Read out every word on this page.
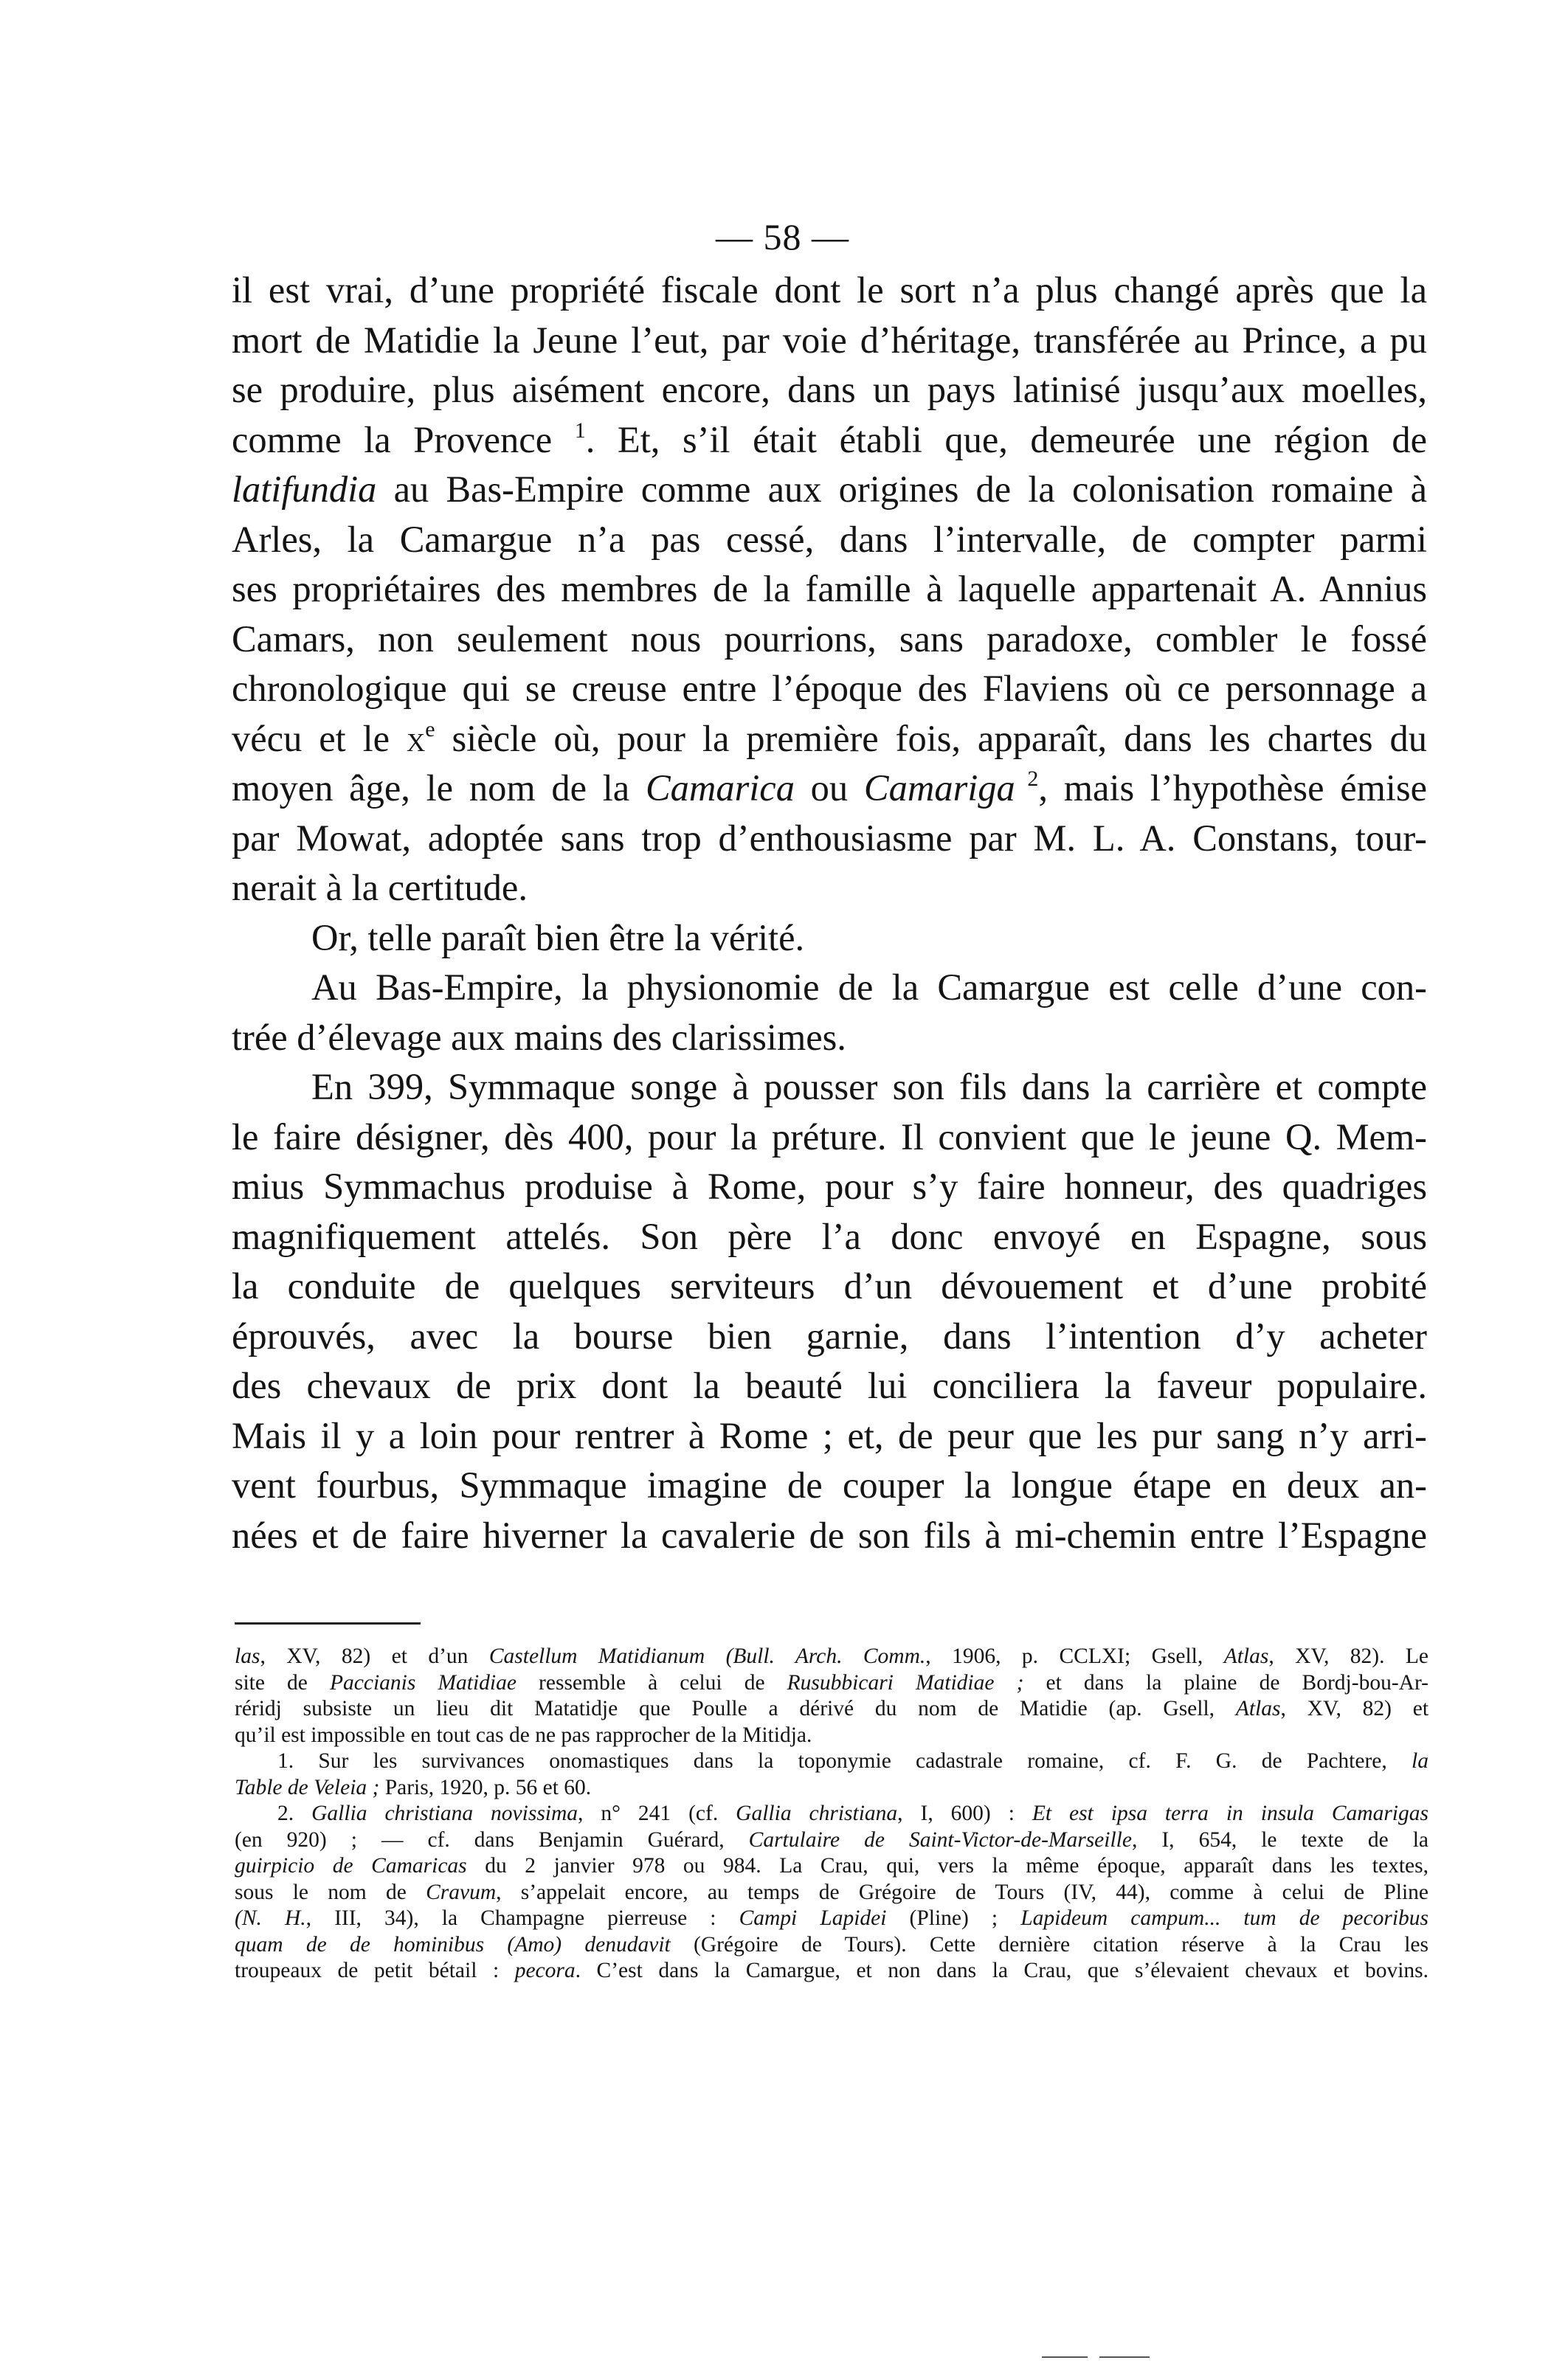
— 58 —
il est vrai, d’une propriété fiscale dont le sort n’a plus changé après que la
mort de Matidie la Jeune l’eut, par voie d’héritage, transférée au Prince, a pu
se produire, plus aisément encore, dans un pays latinisé jusqu’aux moelles,
comme la Provence $^1$. Et, s’il était établi que, demeurée une région de
latifundia au Bas-Empire comme aux origines de la colonisation romaine à
Arles, la Camargue n’a pas cessé, dans l’intervalle, de compter parmi
ses propriétaires des membres de la famille à laquelle appartenait A. Annius
Camars, non seulement nous pourrions, sans paradoxe, combler le fossé
chronologique qui se creuse entre l’époque des Flaviens où ce personnage a
vécu et le $x^e$ siècle où, pour la première fois, apparaît, dans les chartes du
moyen âge, le nom de la Camarica ou Camariga $^2$, mais l’hypothèse émise
par Mowat, adoptée sans trop d’enthousiasme par M. L. A. Constans, tour-
nerait à la certitude.
Or, telle paraît bien être la vérité.
Au Bas-Empire, la physionomie de la Camargue est celle d’une con-
trée d’élevage aux mains des clarissimes.
En 399, Symmaque songe à pousser son fils dans la carrière et compte
le faire désigner, dès 400, pour la préture. Il convient que le jeune Q. Mem-
mius Symmachus produise à Rome, pour s’y faire honneur, des quadriges
magnifiquement attelés. Son père l’a donc envoyé en Espagne, sous
la conduite de quelques serviteurs d’un dévouement et d’une probité
éprouvés, avec la bourse bien garnie, dans l’intention d’y acheter
des chevaux de prix dont la beauté lui conciliera la faveur populaire.
Mais il y a loin pour rentrer à Rome ; et, de peur que les pur sang n’y arri-
vent fourbus, Symmaque imagine de couper la longue étape en deux an-
nées et de faire hiverner la cavalerie de son fils à mi-chemin entre l’Espagne
las, XV, 82) et d’un Castellum Matidianum (Bull. Arch. Comm., 1906, p. CCLXI; Gsell, Atlas, XV, 82). Le
site de Paccianis Matidiae ressemble à celui de Rusubbicari Matidiae ; et dans la plaine de Bordj-bou-Ar-
réridj subsiste un lieu dit Matatidje que Poulle a dérivé du nom de Matidie (ap. Gsell, Atlas, XV, 82) et
qu’il est impossible en tout cas de ne pas rapprocher de la Mitidja.
1. Sur les survivances onomastiques dans la toponymie cadastrale romaine, cf. F. G. de Pachtere, la
Table de Veleia ; Paris, 1920, p. 56 et 60.
2. Gallia christiana novissima, n° 241 (cf. Gallia christiana, I, 600) : Et est ipsa terra in insula Camarigas
(en 920) ; — cf. dans Benjamin Guérard, Cartulaire de Saint-Victor-de-Marseille, I, 654, le texte de la
guirpicio de Camaricas du 2 janvier 978 ou 984. La Crau, qui, vers la même époque, apparaît dans les textes,
sous le nom de Cravum, s’appelait encore, au temps de Grégoire de Tours (IV, 44), comme à celui de Pline
(N. H., III, 34), la Champagne pierreuse : Campi Lapidei (Pline) ; Lapideum campum... tum de pecoribus
quam de de hominibus (Amo) denudavit (Grégoire de Tours). Cette dernière citation réserve à la Crau les
troupeaux de petit bétail : pecora. C’est dans la Camargue, et non dans la Crau, que s’élevaient chevaux et bovins.
